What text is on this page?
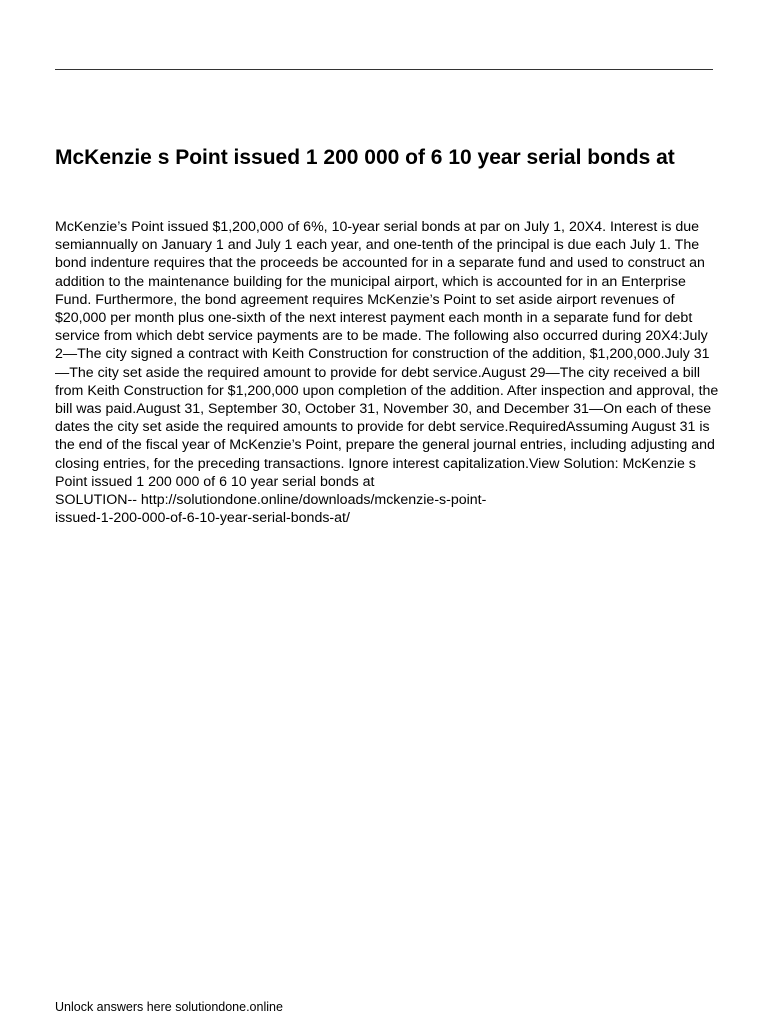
McKenzie s Point issued 1 200 000 of 6 10 year serial bonds at

McKenzie’s Point issued $1,200,000 of 6%, 10-year serial bonds at par on July 1, 20X4. Interest is due semiannually on January 1 and July 1 each year, and one-tenth of the principal is due each July 1. The bond indenture requires that the proceeds be accounted for in a separate fund and used to construct an addition to the maintenance building for the municipal airport, which is accounted for in an Enterprise Fund. Furthermore, the bond agreement requires McKenzie’s Point to set aside airport revenues of $20,000 per month plus one-sixth of the next interest payment each month in a separate fund for debt service from which debt service payments are to be made. The following also occurred during 20X4:July 2—The city signed a contract with Keith Construction for construction of the addition, $1,200,000.July 31—The city set aside the required amount to provide for debt service.August 29—The city received a bill from Keith Construction for $1,200,000 upon completion of the addition. After inspection and approval, the bill was paid.August 31, September 30, October 31, November 30, and December 31—On each of these dates the city set aside the required amounts to provide for debt service.RequiredAssuming August 31 is the end of the fiscal year of McKenzie’s Point, prepare the general journal entries, including adjusting and closing entries, for the preceding transactions. Ignore interest capitalization.View Solution: McKenzie s Point issued 1 200 000 of 6 10 year serial bonds at

SOLUTION-- http://solutiondone.online/downloads/mckenzie-s-point-
issued-1-200-000-of-6-10-year-serial-bonds-at/

Unlock answers here solutiondone.online
